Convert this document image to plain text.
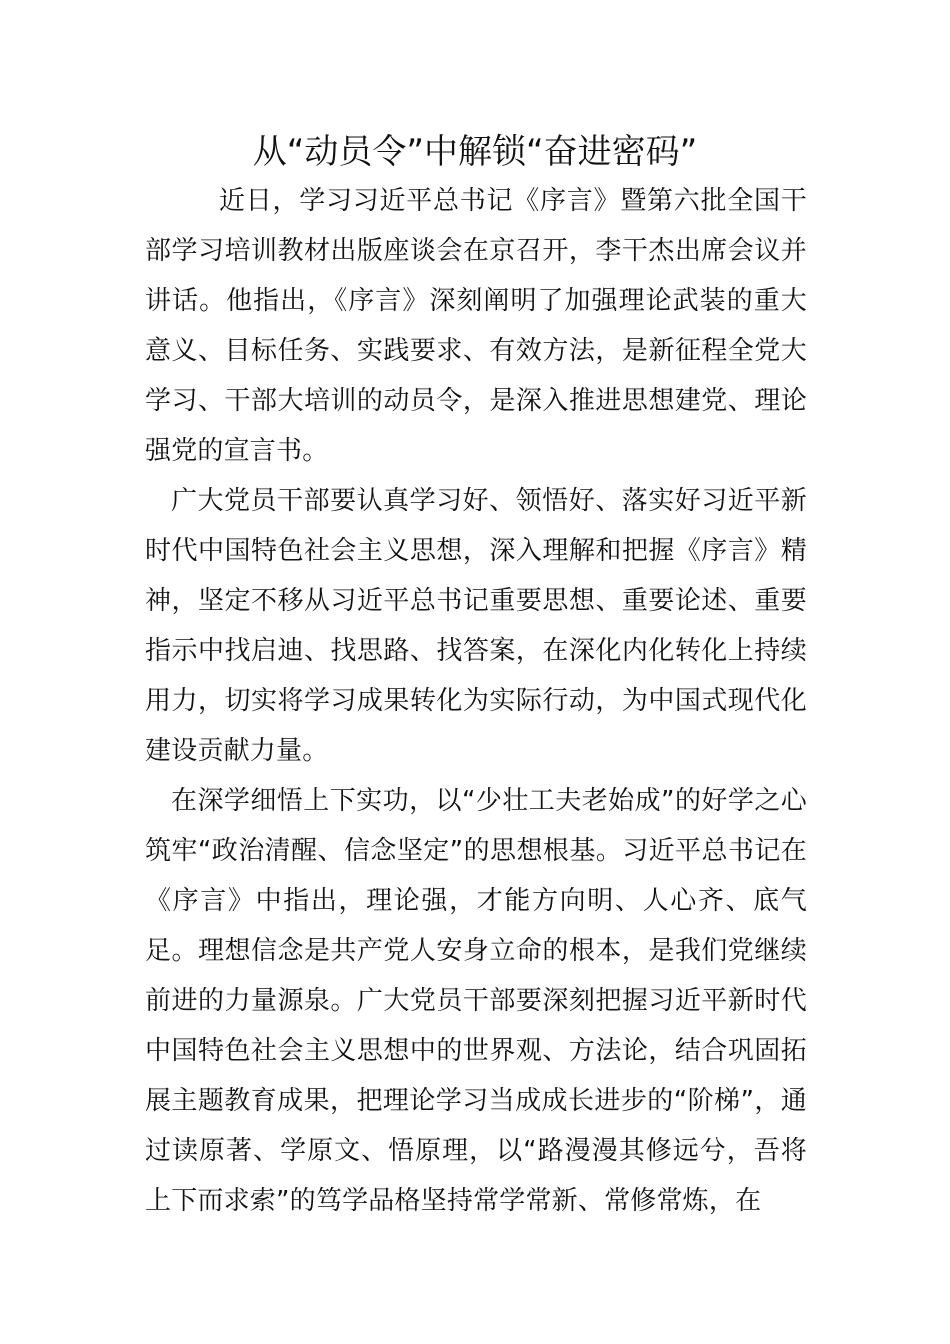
从“动员令”中解锁“奋进密码”

近日，学习习近平总书记《序言》暨第六批全国干部学习培训教材出版座谈会在京召开，李干杰出席会议并讲话。他指出，《序言》深刻阐明了加强理论武装的重大意义、目标任务、实践要求、有效方法，是新征程全党大学习、干部大培训的动员令，是深入推进思想建党、理论强党的宣言书。

广大党员干部要认真学习好、领悟好、落实好习近平新时代中国特色社会主义思想，深入理解和把握《序言》精神，坚定不移从习近平总书记重要思想、重要论述、重要指示中找启迪、找思路、找答案，在深化内化转化上持续用力，切实将学习成果转化为实际行动，为中国式现代化建设贡献力量。

在深学细悟上下实功，以“少壮工夫老始成”的好学之心筑牢“政治清醒、信念坚定”的思想根基。习近平总书记在《序言》中指出，理论强，才能方向明、人心齐、底气足。理想信念是共产党人安身立命的根本，是我们党继续前进的力量源泉。广大党员干部要深刻把握习近平新时代中国特色社会主义思想中的世界观、方法论，结合巩固拓展主题教育成果，把理论学习当成成长进步的“阶梯”，通过读原著、学原文、悟原理，以“路漫漫其修远兮，吾将上下而求索”的笃学品格坚持常学常新、常修常炼，在
